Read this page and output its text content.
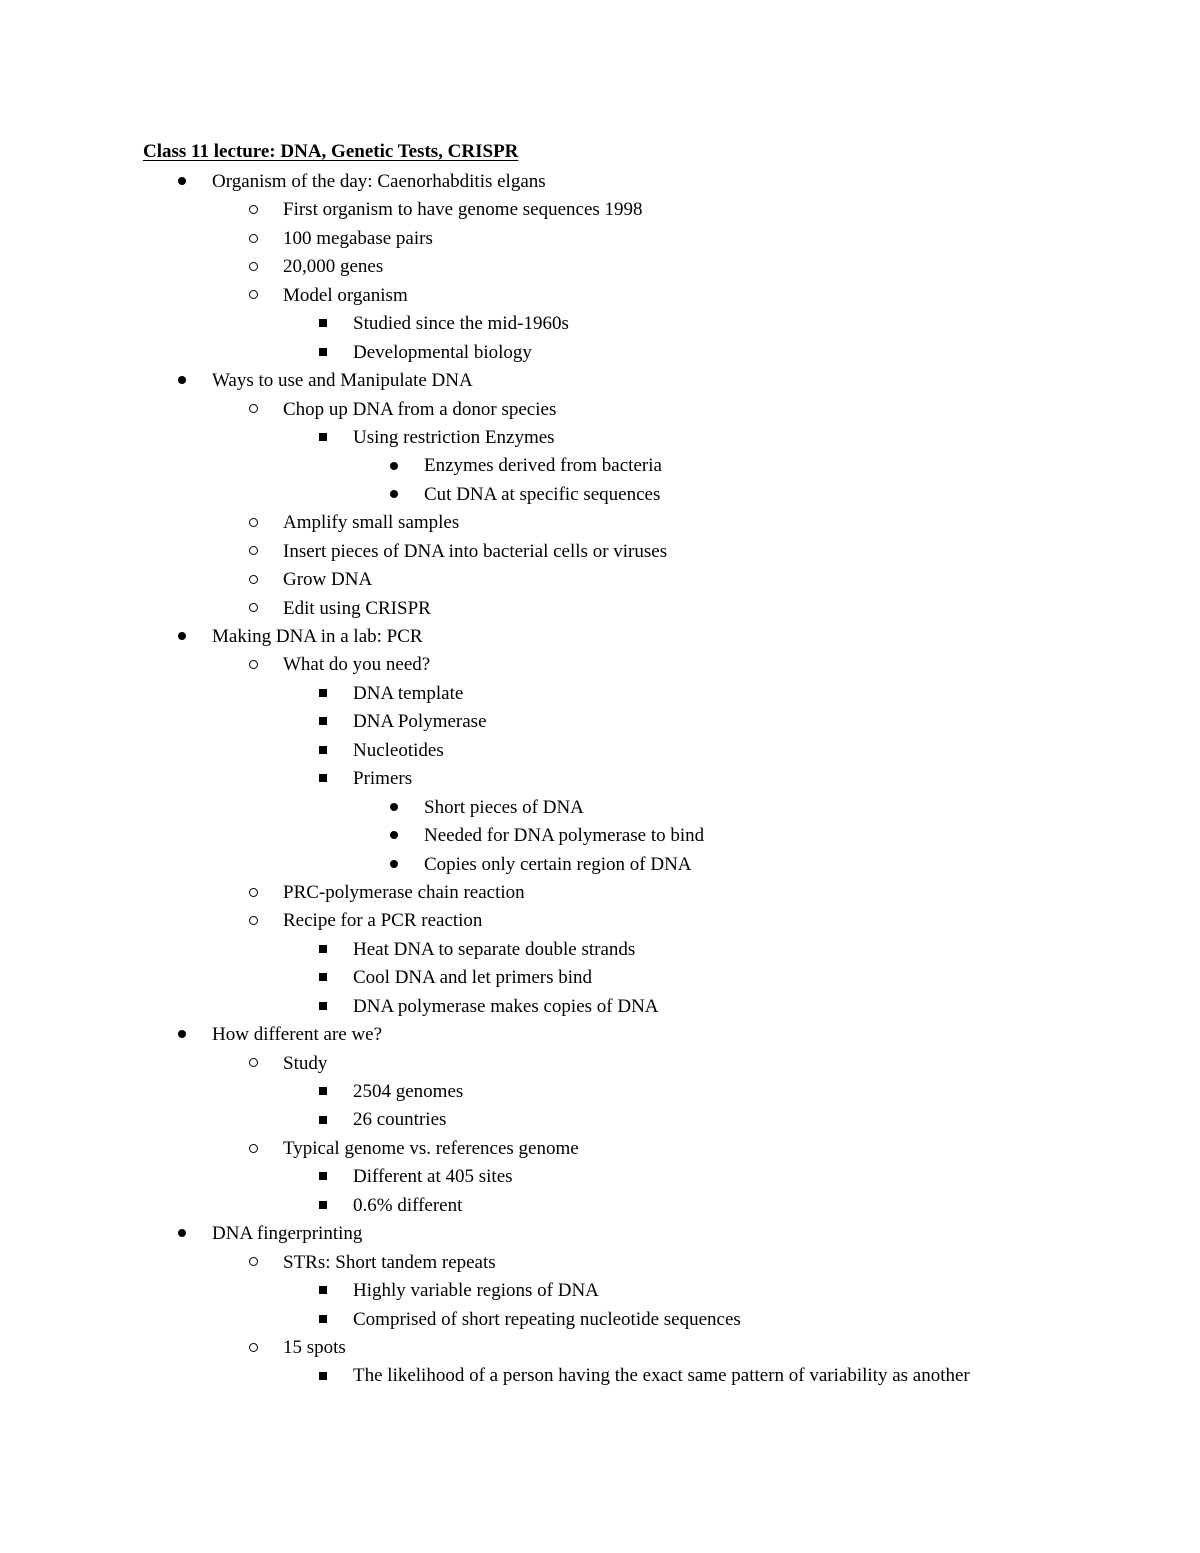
Class 11 lecture: DNA, Genetic Tests, CRISPR
Organism of the day: Caenorhabditis elgans
First organism to have genome sequences 1998
100 megabase pairs
20,000 genes
Model organism
Studied since the mid-1960s
Developmental biology
Ways to use and Manipulate DNA
Chop up DNA from a donor species
Using restriction Enzymes
Enzymes derived from bacteria
Cut DNA at specific sequences
Amplify small samples
Insert pieces of DNA into bacterial cells or viruses
Grow DNA
Edit using CRISPR
Making DNA in a lab: PCR
What do you need?
DNA template
DNA Polymerase
Nucleotides
Primers
Short pieces of DNA
Needed for DNA polymerase to bind
Copies only certain region of DNA
PRC-polymerase chain reaction
Recipe for a PCR reaction
Heat DNA to separate double strands
Cool DNA and let primers bind
DNA polymerase makes copies of DNA
How different are we?
Study
2504 genomes
26 countries
Typical genome vs. references genome
Different at 405 sites
0.6% different
DNA fingerprinting
STRs: Short tandem repeats
Highly variable regions of DNA
Comprised of short repeating nucleotide sequences
15 spots
The likelihood of a person having the exact same pattern of variability as another
